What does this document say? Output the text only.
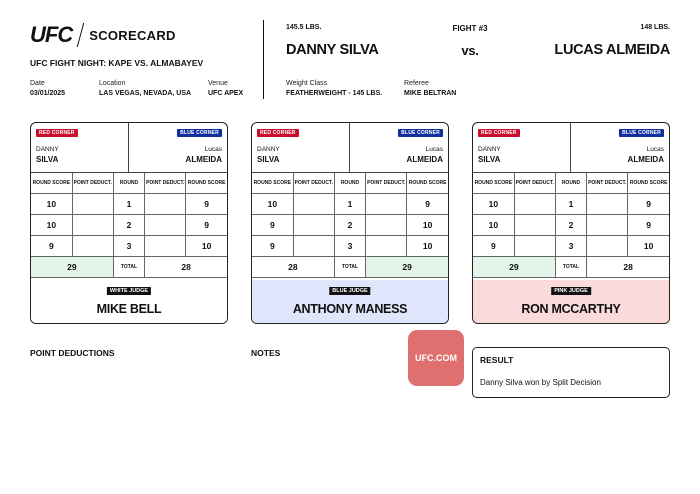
UFC SCORECARD
UFC FIGHT NIGHT: KAPE VS. ALMABAYEV
Date
03/01/2025
Location
LAS VEGAS, NEVADA, USA
Venue
UFC APEX
145.5 LBS.
DANNY SILVA
FIGHT #3
vs.
148 LBS.
LUCAS ALMEIDA
Weight Class
FEATHERWEIGHT - 145 LBS.
Referee
MIKE BELTRAN
RED CORNER
DANNY
SILVA
BLUE CORNER
Lucas
ALMEIDA
ROUND SCORE	POINT DEDUCT.	ROUND	POINT DEDUCT.	ROUND SCORE
10		1		9
10		2		9
9		3		10
29		TOTAL	28	
WHITE JUDGE
MIKE BELL
RED CORNER
DANNY
SILVA
BLUE CORNER
Lucas
ALMEIDA
ROUND SCORE	POINT DEDUCT.	ROUND	POINT DEDUCT.	ROUND SCORE
10		1		9
9		2		10
9		3		10
28		TOTAL	29	
BLUE JUDGE
ANTHONY MANESS
RED CORNER
DANNY
SILVA
BLUE CORNER
Lucas
ALMEIDA
ROUND SCORE	POINT DEDUCT.	ROUND	POINT DEDUCT.	ROUND SCORE
10		1		9
10		2		9
9		3		10
29		TOTAL	28	
PINK JUDGE
RON MCCARTHY
POINT DEDUCTIONS	NOTES	UFC.COM	RESULT
Danny Silva won by Split Decision
